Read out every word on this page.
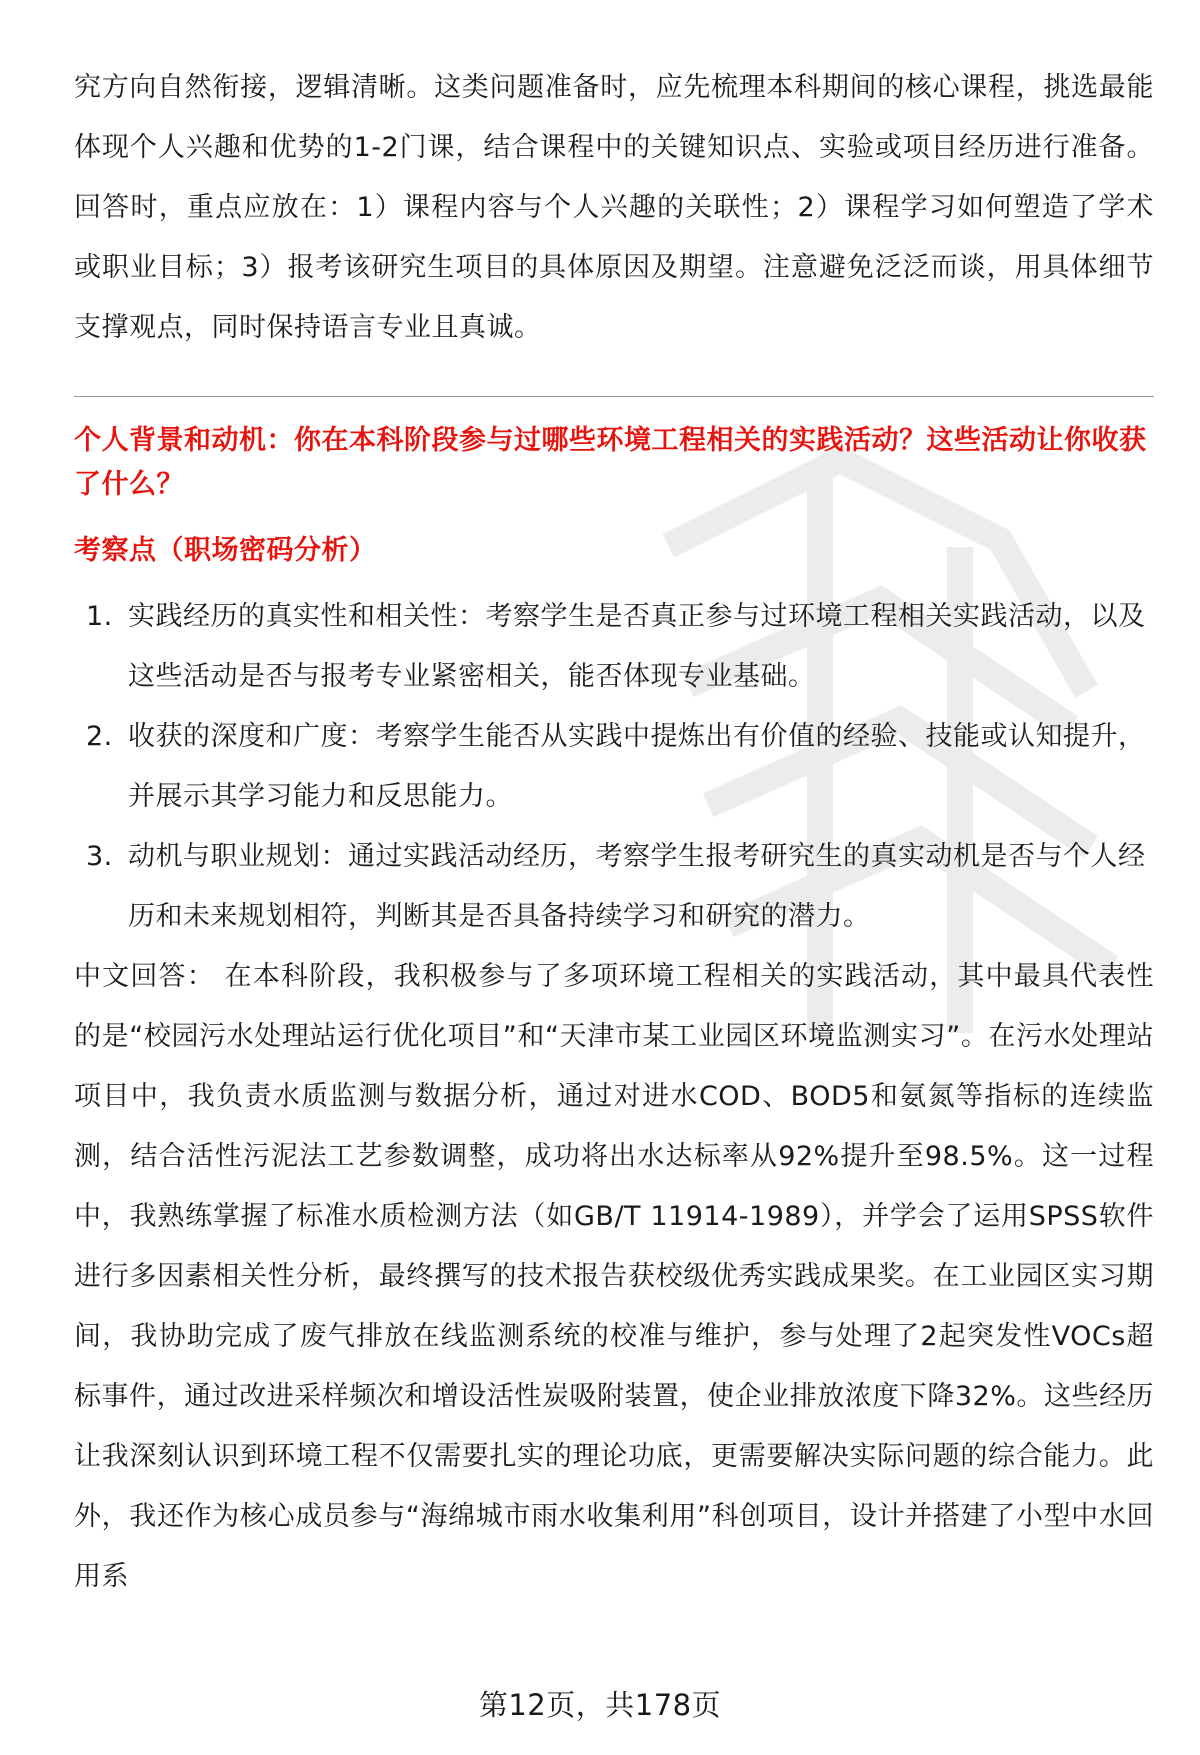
究方向自然衔接，逻辑清晰。这类问题准备时，应先梳理本科期间的核心课程，挑选最能体现个人兴趣和优势的1-2门课，结合课程中的关键知识点、实验或项目经历进行准备。回答时，重点应放在：1）课程内容与个人兴趣的关联性；2）课程学习如何塑造了学术或职业目标；3）报考该研究生项目的具体原因及期望。注意避免泛泛而谈，用具体细节支撑观点，同时保持语言专业且真诚。

个人背景和动机：你在本科阶段参与过哪些环境工程相关的实践活动？这些活动让你收获了什么？

考察点（职场密码分析）

1. 实践经历的真实性和相关性：考察学生是否真正参与过环境工程相关实践活动，以及这些活动是否与报考专业紧密相关，能否体现专业基础。
2. 收获的深度和广度：考察学生能否从实践中提炼出有价值的经验、技能或认知提升，并展示其学习能力和反思能力。
3. 动机与职业规划：通过实践活动经历，考察学生报考研究生的真实动机是否与个人经历和未来规划相符，判断其是否具备持续学习和研究的潜力。

中文回答： 在本科阶段，我积极参与了多项环境工程相关的实践活动，其中最具代表性的是“校园污水处理站运行优化项目”和“天津市某工业园区环境监测实习”。在污水处理站项目中，我负责水质监测与数据分析，通过对进水COD、BOD5和氨氮等指标的连续监测，结合活性污泥法工艺参数调整，成功将出水达标率从92%提升至98.5%。这一过程中，我熟练掌握了标准水质检测方法（如GB/T 11914-1989），并学会了运用SPSS软件进行多因素相关性分析，最终撰写的技术报告获校级优秀实践成果奖。在工业园区实习期间，我协助完成了废气排放在线监测系统的校准与维护，参与处理了2起突发性VOCs超标事件，通过改进采样频次和增设活性炭吸附装置，使企业排放浓度下降32%。这些经历让我深刻认识到环境工程不仅需要扎实的理论功底，更需要解决实际问题的综合能力。此外，我还作为核心成员参与“海绵城市雨水收集利用”科创项目，设计并搭建了小型中水回用系

第12页，共178页
